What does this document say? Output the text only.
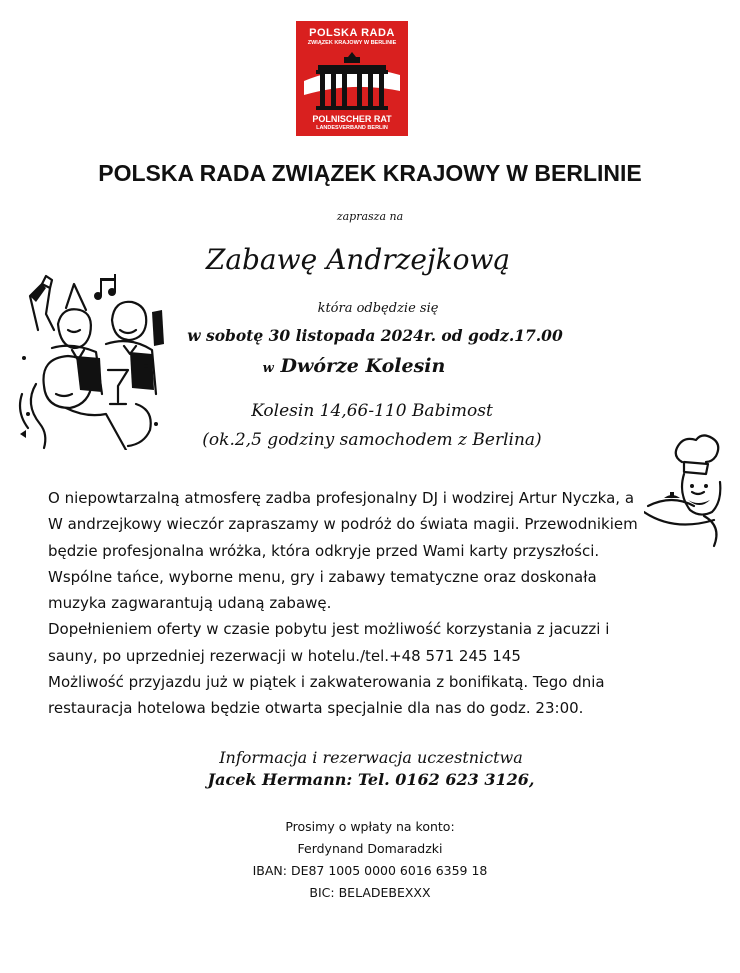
POLSKA RADA
ZWIĄZEK KRAJOWY W BERLINIE
POLNISCHER RAT
LANDESVERBAND BERLIN
POLSKA RADA ZWIĄZEK KRAJOWY W BERLINIE
zaprasza na
Zabawę Andrzejkową
która odbędzie się
w sobotę 30 listopada 2024r. od godz.17.00
w Dwórze Kolesin
Kolesin 14,66-110 Babimost
(ok.2,5 godziny samochodem z Berlina)

O niepowtarzalną atmosferę zadba profesjonalny DJ i wodzirej Artur Nyczka, a

W andrzejkowy wieczór zapraszamy w podróż do świata magii. Przewodnikiem

będzie profesjonalna wróżka, która odkryje przed Wami karty przyszłości.

Wspólne tańce, wyborne menu, gry i zabawy tematyczne oraz doskonała

muzyka zagwarantują udaną zabawę.

Dopełnieniem oferty w czasie pobytu jest możliwość korzystania z jacuzzi i

sauny, po uprzedniej rezerwacji w hotelu./tel.+48 571 245 145

Możliwość przyjazdu już w piątek i zakwaterowania z bonifikatą. Tego dnia

restauracja hotelowa będzie otwarta specjalnie dla nas do godz. 23:00.

Informacja i rezerwacja uczestnictwa
Jacek Hermann: Tel. 0162 623 3126,
Prosimy o wpłaty na konto:
Ferdynand Domaradzki
IBAN: DE87 1005 0000 6016 6359 18
BIC: BELADEBEXXX
